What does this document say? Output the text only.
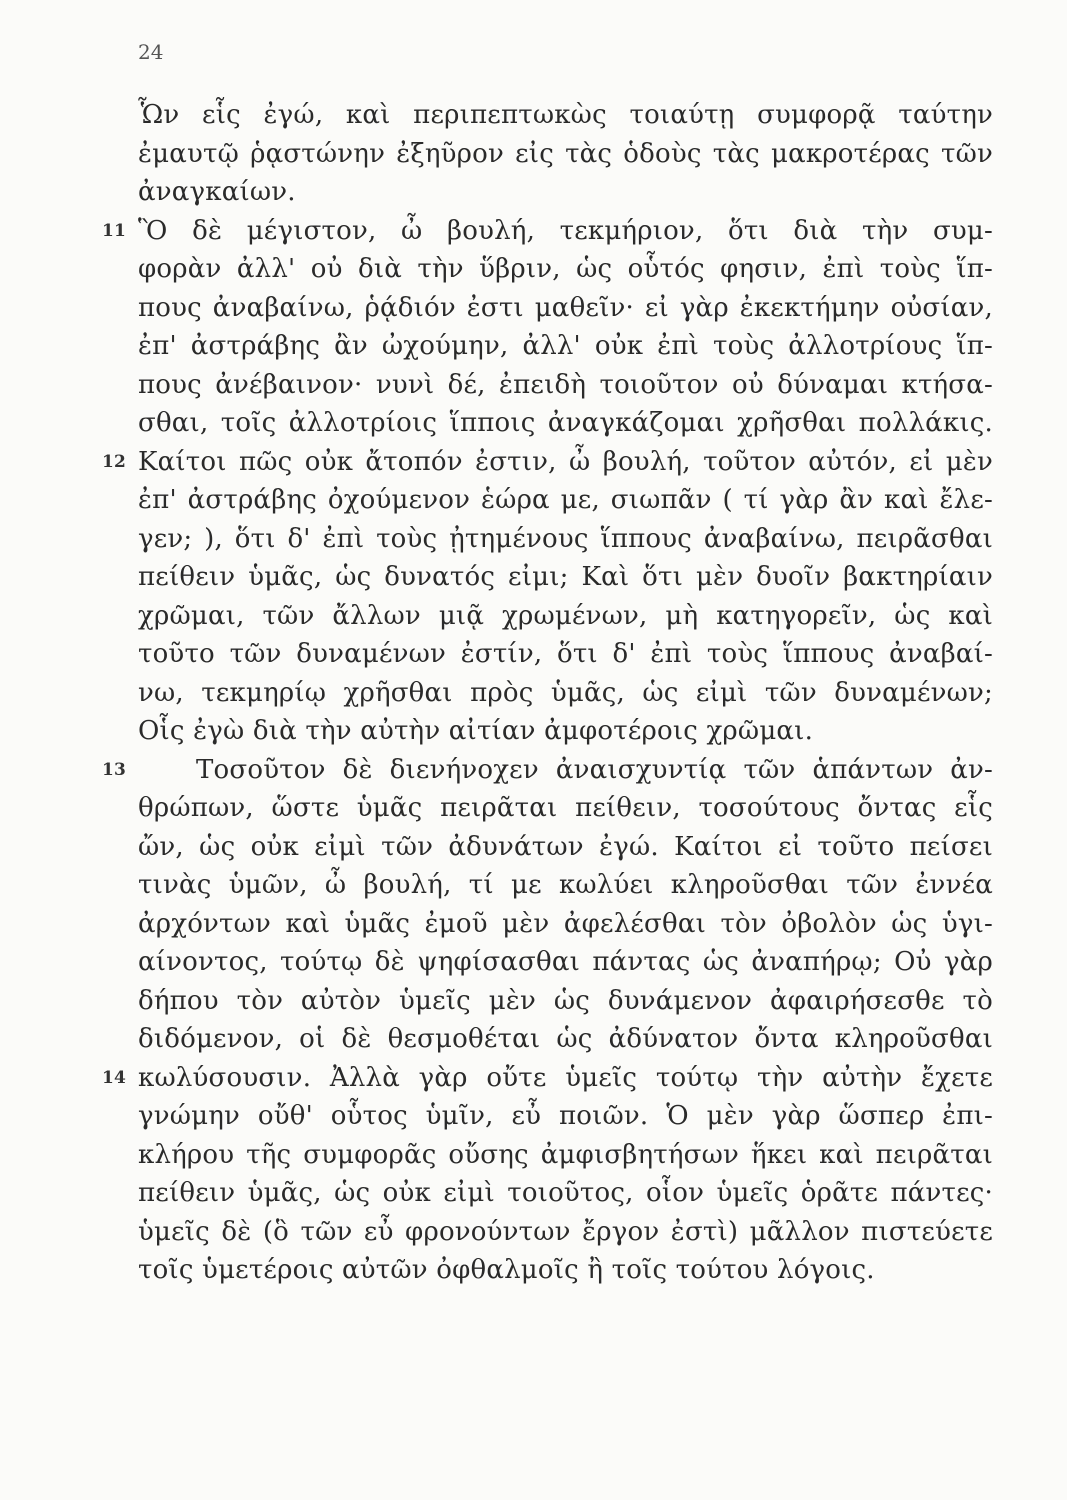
24
Ὧν εἷς ἐγώ, καὶ περιπεπτωκὼς τοιαύτῃ συμφορᾷ ταύτην
ἐμαυτῷ ῥᾳστώνην ἐξηῦρον εἰς τὰς ὁδοὺς τὰς μακροτέρας τῶν
ἀναγκαίων.
11 Ὃ δὲ μέγιστον, ὦ βουλή, τεκμήριον, ὅτι διὰ τὴν συμ-
φορὰν ἀλλ' οὐ διὰ τὴν ὕβριν, ὡς οὗτός φησιν, ἐπὶ τοὺς ἵπ-
πους ἀναβαίνω, ῥᾴδιόν ἐστι μαθεῖν· εἰ γὰρ ἐκεκτήμην οὐσίαν,
ἐπ' ἀστράβης ἂν ὠχούμην, ἀλλ' οὐκ ἐπὶ τοὺς ἀλλοτρίους ἵπ-
πους ἀνέβαινον· νυνὶ δέ, ἐπειδὴ τοιοῦτον οὐ δύναμαι κτήσα-
σθαι, τοῖς ἀλλοτρίοις ἵπποις ἀναγκάζομαι χρῆσθαι πολλάκις.
12 Καίτοι πῶς οὐκ ἄτοπόν ἐστιν, ὦ βουλή, τοῦτον αὐτόν, εἰ μὲν
ἐπ' ἀστράβης ὀχούμενον ἑώρα με, σιωπᾶν ( τί γὰρ ἂν καὶ ἔλε-
γεν; ), ὅτι δ' ἐπὶ τοὺς ᾐτημένους ἵππους ἀναβαίνω, πειρᾶσθαι
πείθειν ὑμᾶς, ὡς δυνατός εἰμι; Καὶ ὅτι μὲν δυοῖν βακτηρίαιν
χρῶμαι, τῶν ἄλλων μιᾷ χρωμένων, μὴ κατηγορεῖν, ὡς καὶ
τοῦτο τῶν δυναμένων ἐστίν, ὅτι δ' ἐπὶ τοὺς ἵππους ἀναβαί-
νω, τεκμηρίῳ χρῆσθαι πρὸς ὑμᾶς, ὡς εἰμὶ τῶν δυναμένων;
Οἷς ἐγὼ διὰ τὴν αὐτὴν αἰτίαν ἀμφοτέροις χρῶμαι.
13	Τοσοῦτον δὲ διενήνοχεν ἀναισχυντίᾳ τῶν ἁπάντων ἀν-
θρώπων, ὥστε ὑμᾶς πειρᾶται πείθειν, τοσούτους ὄντας εἷς
ὤν, ὡς οὐκ εἰμὶ τῶν ἀδυνάτων ἐγώ. Καίτοι εἰ τοῦτο πείσει
τινὰς ὑμῶν, ὦ βουλή, τί με κωλύει κληροῦσθαι τῶν ἐννέα
ἀρχόντων καὶ ὑμᾶς ἐμοῦ μὲν ἀφελέσθαι τὸν ὀβολὸν ὡς ὑγι-
αίνοντος, τούτῳ δὲ ψηφίσασθαι πάντας ὡς ἀναπήρῳ; Οὐ γὰρ
δήπου τὸν αὐτὸν ὑμεῖς μὲν ὡς δυνάμενον ἀφαιρήσεσθε τὸ
διδόμενον, οἱ δὲ θεσμοθέται ὡς ἀδύνατον ὄντα κληροῦσθαι
14 κωλύσουσιν. Ἀλλὰ γὰρ οὔτε ὑμεῖς τούτῳ τὴν αὐτὴν ἔχετε
γνώμην οὔθ' οὗτος ὑμῖν, εὖ ποιῶν. Ὁ μὲν γὰρ ὥσπερ ἐπι-
κλήρου τῆς συμφορᾶς οὔσης ἀμφισβητήσων ἥκει καὶ πειρᾶται
πείθειν ὑμᾶς, ὡς οὐκ εἰμὶ τοιοῦτος, οἷον ὑμεῖς ὁρᾶτε πάντες·
ὑμεῖς δὲ (ὃ τῶν εὖ φρονούντων ἔργον ἐστὶ) μᾶλλον πιστεύετε
τοῖς ὑμετέροις αὐτῶν ὀφθαλμοῖς ἢ τοῖς τούτου λόγοις.
